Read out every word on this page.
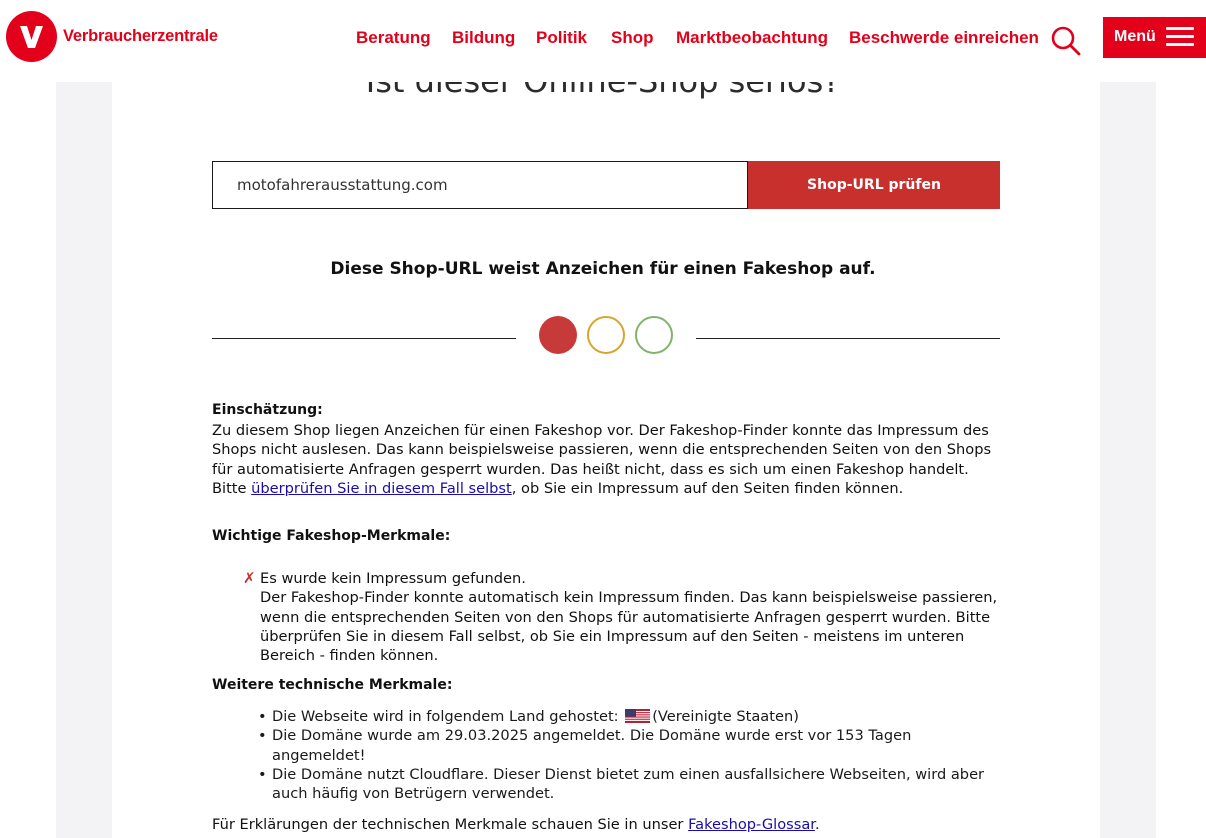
Verbraucherzentrale	Beratung Bildung Politik Shop Marktbeobachtung Beschwerde einreichen	Menü
motofahrerausstattung.com	Shop-URL prüfen
Diese Shop-URL weist Anzeichen für einen Fakeshop auf.
Einschätzung:
Zu diesem Shop liegen Anzeichen für einen Fakeshop vor. Der Fakeshop-Finder konnte das Impressum des Shops nicht auslesen. Das kann beispielsweise passieren, wenn die entsprechenden Seiten von den Shops für automatisierte Anfragen gesperrt wurden. Das heißt nicht, dass es sich um einen Fakeshop handelt. Bitte überprüfen Sie in diesem Fall selbst, ob Sie ein Impressum auf den Seiten finden können.
Wichtige Fakeshop-Merkmale:
✗ Es wurde kein Impressum gefunden.
Der Fakeshop-Finder konnte automatisch kein Impressum finden. Das kann beispielsweise passieren, wenn die entsprechenden Seiten von den Shops für automatisierte Anfragen gesperrt wurden. Bitte überprüfen Sie in diesem Fall selbst, ob Sie ein Impressum auf den Seiten - meistens im unteren Bereich - finden können.
Weitere technische Merkmale:
• Die Webseite wird in folgendem Land gehostet: (Vereinigte Staaten)
• Die Domäne wurde am 29.03.2025 angemeldet. Die Domäne wurde erst vor 153 Tagen angemeldet!
• Die Domäne nutzt Cloudflare. Dieser Dienst bietet zum einen ausfallsichere Webseiten, wird aber auch häufig von Betrügern verwendet.
Für Erklärungen der technischen Merkmale schauen Sie in unser Fakeshop-Glossar.
